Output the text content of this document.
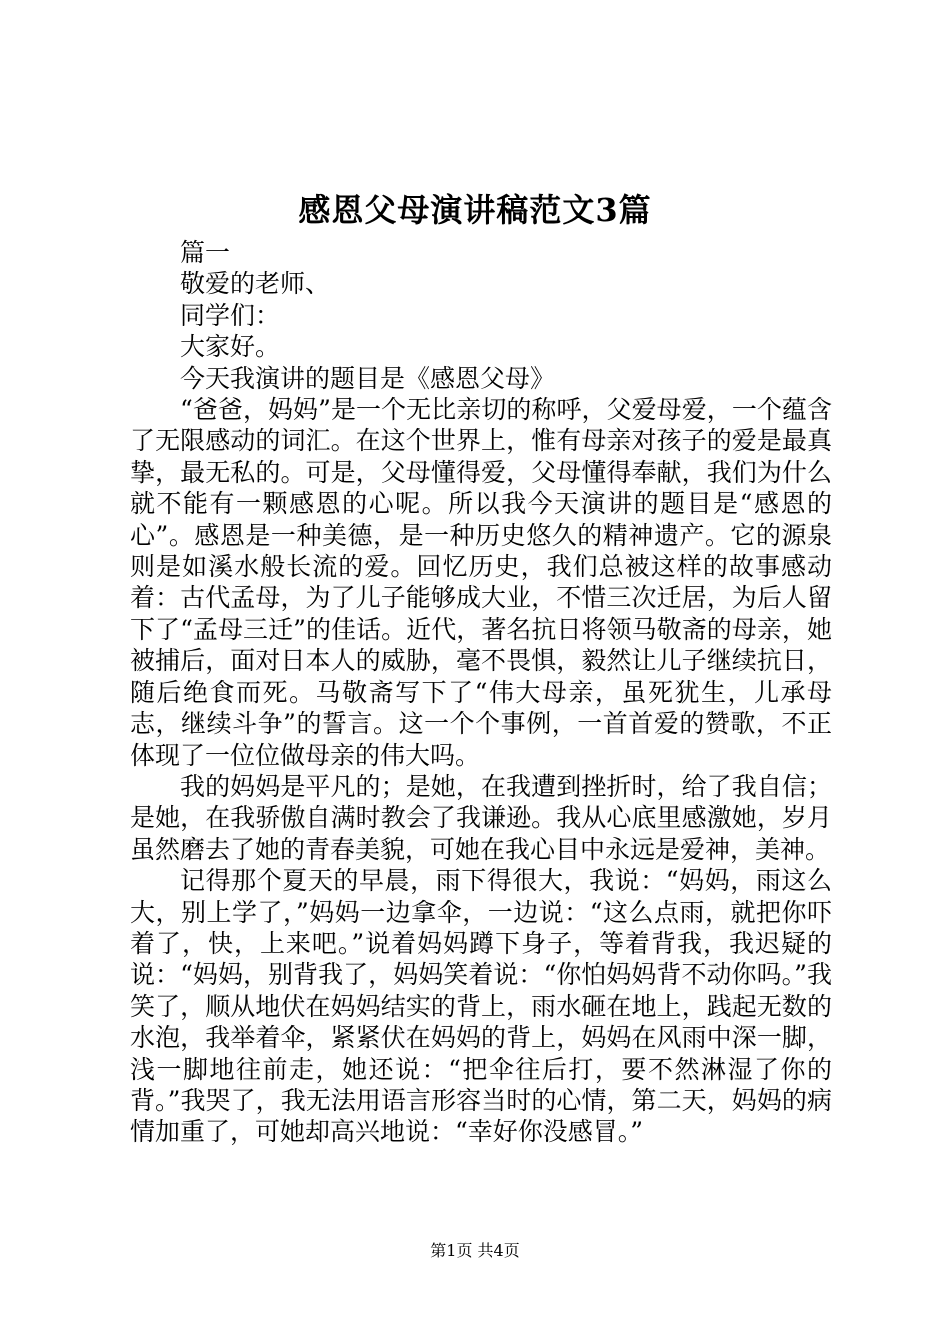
感恩父母演讲稿范文3篇
篇一
敬爱的老师、
同学们：
大家好。
今天我演讲的题目是《感恩父母》

“爸爸，妈妈”是一个无比亲切的称呼，父爱母爱，一个蕴含了无限感动的词汇。在这个世界上，惟有母亲对孩子的爱是最真挚，最无私的。可是，父母懂得爱，父母懂得奉献，我们为什么就不能有一颗感恩的心呢。所以我今天演讲的题目是“感恩的心”。感恩是一种美德，是一种历史悠久的精神遗产。它的源泉则是如溪水般长流的爱。回忆历史，我们总被这样的故事感动着：古代孟母，为了儿子能够成大业，不惜三次迁居，为后人留下了“孟母三迁”的佳话。近代，著名抗日将领马敬斋的母亲，她被捕后，面对日本人的威胁，毫不畏惧，毅然让儿子继续抗日，随后绝食而死。马敬斋写下了“伟大母亲，虽死犹生，儿承母志，继续斗争”的誓言。这一个个事例，一首首爱的赞歌，不正体现了一位位做母亲的伟大吗。

我的妈妈是平凡的；是她，在我遭到挫折时，给了我自信；是她，在我骄傲自满时教会了我谦逊。我从心底里感激她，岁月虽然磨去了她的青春美貌，可她在我心目中永远是爱神，美神。

记得那个夏天的早晨，雨下得很大，我说：“妈妈，雨这么大，别上学了，”妈妈一边拿伞，一边说：“这么点雨，就把你吓着了，快，上来吧。”说着妈妈蹲下身子，等着背我，我迟疑的说：“妈妈，别背我了，妈妈笑着说：“你怕妈妈背不动你吗。”我笑了，顺从地伏在妈妈结实的背上，雨水砸在地上，践起无数的水泡，我举着伞，紧紧伏在妈妈的背上，妈妈在风雨中深一脚，浅一脚地往前走，她还说：“把伞往后打，要不然淋湿了你的背。”我哭了，我无法用语言形容当时的心情，第二天，妈妈的病情加重了，可她却高兴地说：“幸好你没感冒。”

第1页 共4页
